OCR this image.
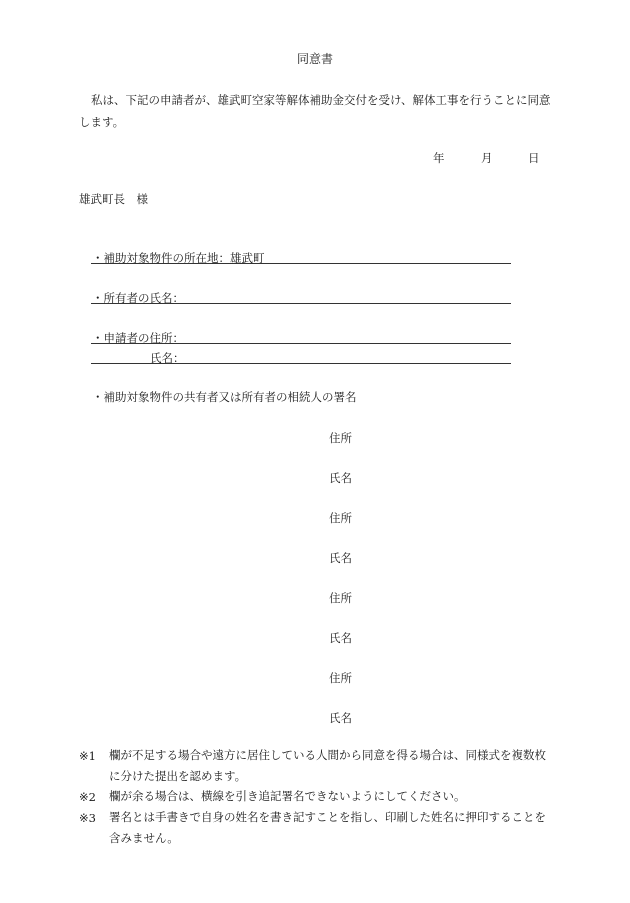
同意書
私は、下記の申請者が、雄武町空家等解体補助金交付を受け、解体工事を行うことに同意します。
年	月	日
雄武町長　様
・補助対象物件の所在地：雄武町
・所有者の氏名：
・申請者の住所：
氏名：
・補助対象物件の共有者又は所有者の相続人の署名
住所
氏名
住所
氏名
住所
氏名
住所
氏名
※1 欄が不足する場合や遠方に居住している人間から同意を得る場合は、同様式を複数枚に分けた提出を認めます。
※2 欄が余る場合は、横線を引き追記署名できないようにしてください。
※3 署名とは手書きで自身の姓名を書き記すことを指し、印刷した姓名に押印することを含みません。
